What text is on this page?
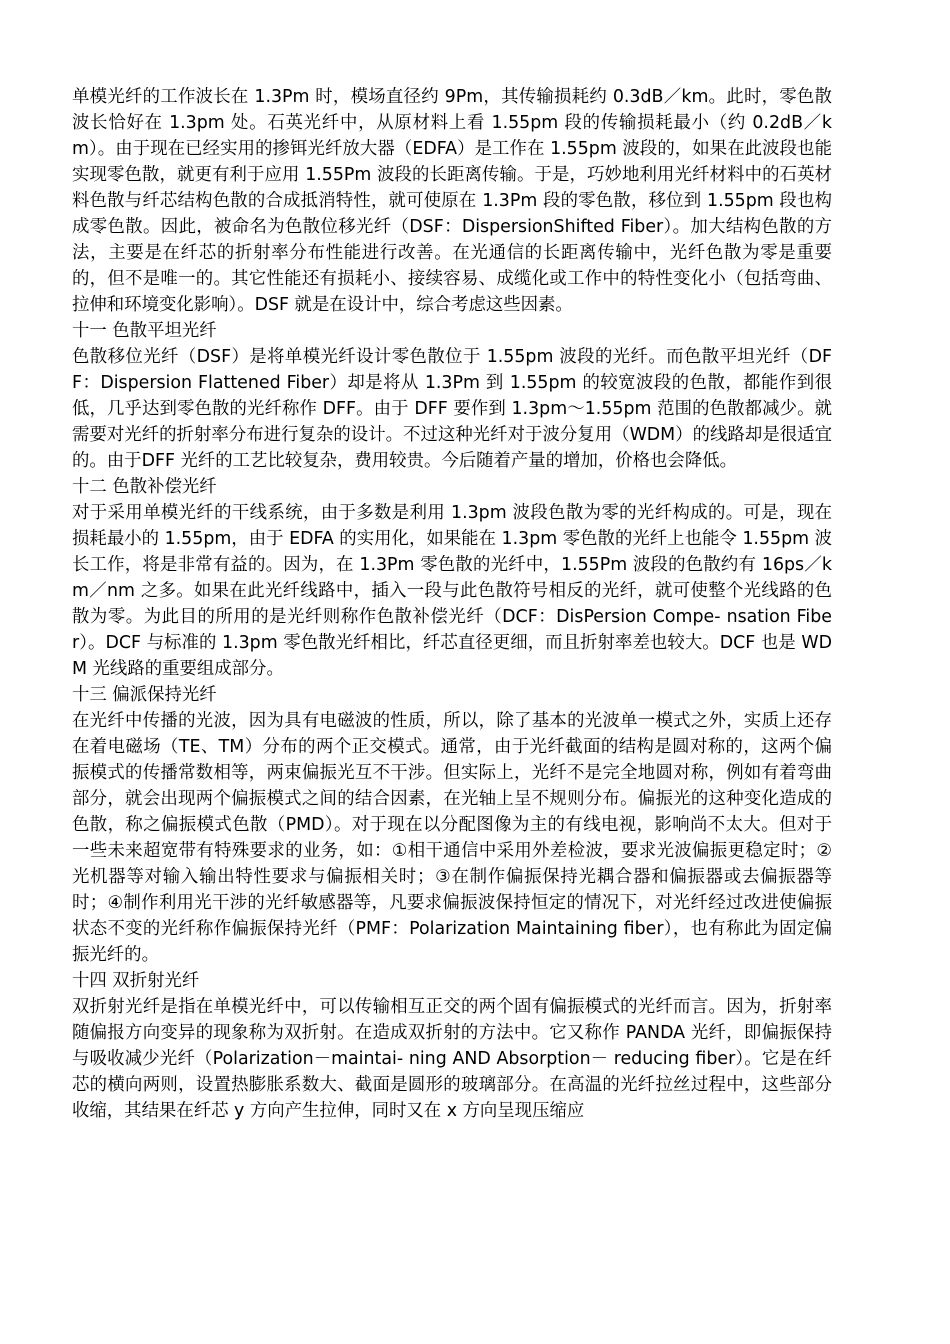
单模光纤的工作波长在 1.3Pm 时，模场直径约 9Pm，其传输损耗约 0.3dB／km。此时，零色散波长恰好在 1.3pm 处。石英光纤中，从原材料上看 1.55pm 段的传输损耗最小（约 0.2dB／km）。由于现在已经实用的掺铒光纤放大器（EDFA）是工作在 1.55pm 波段的，如果在此波段也能实现零色散，就更有利于应用 1.55Pm 波段的长距离传输。于是，巧妙地利用光纤材料中的石英材料色散与纤芯结构色散的合成抵消特性，就可使原在 1.3Pm 段的零色散，移位到 1.55pm 段也构成零色散。因此，被命名为色散位移光纤（DSF：DispersionShifted Fiber）。加大结构色散的方法，主要是在纤芯的折射率分布性能进行改善。在光通信的长距离传输中，光纤色散为零是重要的，但不是唯一的。其它性能还有损耗小、接续容易、成缆化或工作中的特性变化小（包括弯曲、拉伸和环境变化影响）。DSF 就是在设计中，综合考虑这些因素。

十一 色散平坦光纤

色散移位光纤（DSF）是将单模光纤设计零色散位于 1.55pm 波段的光纤。而色散平坦光纤（DFF：Dispersion Flattened Fiber）却是将从 1.3Pm 到 1.55pm 的较宽波段的色散，都能作到很低，几乎达到零色散的光纤称作 DFF。由于 DFF 要作到 1.3pm～1.55pm 范围的色散都减少。就需要对光纤的折射率分布进行复杂的设计。不过这种光纤对于波分复用（WDM）的线路却是很适宜的。由于DFF 光纤的工艺比较复杂，费用较贵。今后随着产量的增加，价格也会降低。

十二 色散补偿光纤

对于采用单模光纤的干线系统，由于多数是利用 1.3pm 波段色散为零的光纤构成的。可是，现在损耗最小的 1.55pm，由于 EDFA 的实用化，如果能在 1.3pm 零色散的光纤上也能令 1.55pm 波长工作，将是非常有益的。因为，在 1.3Pm 零色散的光纤中，1.55Pm 波段的色散约有 16ps／km／nm 之多。如果在此光纤线路中，插入一段与此色散符号相反的光纤，就可使整个光线路的色散为零。为此目的所用的是光纤则称作色散补偿光纤（DCF：DisPersion Compe- nsation Fiber）。DCF 与标准的 1.3pm 零色散光纤相比，纤芯直径更细，而且折射率差也较大。DCF 也是 WDM 光线路的重要组成部分。

十三 偏派保持光纤

在光纤中传播的光波，因为具有电磁波的性质，所以，除了基本的光波单一模式之外，实质上还存在着电磁场（TE、TM）分布的两个正交模式。通常，由于光纤截面的结构是圆对称的，这两个偏振模式的传播常数相等，两束偏振光互不干涉。但实际上，光纤不是完全地圆对称，例如有着弯曲部分，就会出现两个偏振模式之间的结合因素，在光轴上呈不规则分布。偏振光的这种变化造成的色散，称之偏振模式色散（PMD）。对于现在以分配图像为主的有线电视，影响尚不太大。但对于一些未来超宽带有特殊要求的业务，如：①相干通信中采用外差检波，要求光波偏振更稳定时；②光机器等对输入输出特性要求与偏振相关时；③在制作偏振保持光耦合器和偏振器或去偏振器等时；④制作利用光干涉的光纤敏感器等，凡要求偏振波保持恒定的情况下，对光纤经过改进使偏振状态不变的光纤称作偏振保持光纤（PMF：Polarization Maintaining fiber），也有称此为固定偏振光纤的。

十四 双折射光纤

双折射光纤是指在单模光纤中，可以传输相互正交的两个固有偏振模式的光纤而言。因为，折射率随偏报方向变异的现象称为双折射。在造成双折射的方法中。它又称作 PANDA 光纤，即偏振保持与吸收减少光纤（Polarization－maintai- ning AND Absorption－ reducing fiber）。它是在纤芯的横向两则，设置热膨胀系数大、截面是圆形的玻璃部分。在高温的光纤拉丝过程中，这些部分收缩，其结果在纤芯 y 方向产生拉伸，同时又在 x 方向呈现压缩应
